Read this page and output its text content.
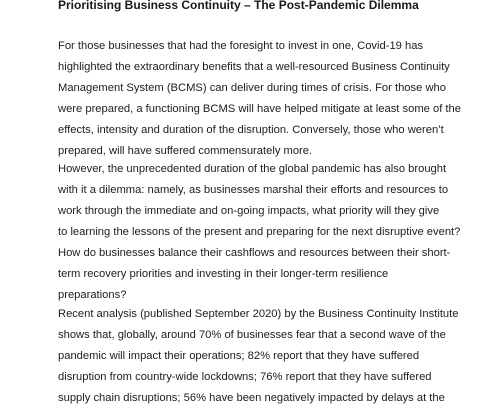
Prioritising Business Continuity – The Post-Pandemic Dilemma
For those businesses that had the foresight to invest in one, Covid-19 has
highlighted the extraordinary benefits that a well-resourced Business Continuity
Management System (BCMS) can deliver during times of crisis. For those who
were prepared, a functioning BCMS will have helped mitigate at least some of the
effects, intensity and duration of the disruption. Conversely, those who weren’t
prepared, will have suffered commensurately more.
However, the unprecedented duration of the global pandemic has also brought
with it a dilemma: namely, as businesses marshal their efforts and resources to
work through the immediate and on-going impacts, what priority will they give
to learning the lessons of the present and preparing for the next disruptive event?
How do businesses balance their cashflows and resources between their short-
term recovery priorities and investing in their longer-term resilience
preparations?
Recent analysis (published September 2020) by the Business Continuity Institute
shows that, globally, around 70% of businesses fear that a second wave of the
pandemic will impact their operations; 82% report that they have suffered
disruption from country-wide lockdowns; 76% report that they have suffered
supply chain disruptions; 56% have been negatively impacted by delays at the
